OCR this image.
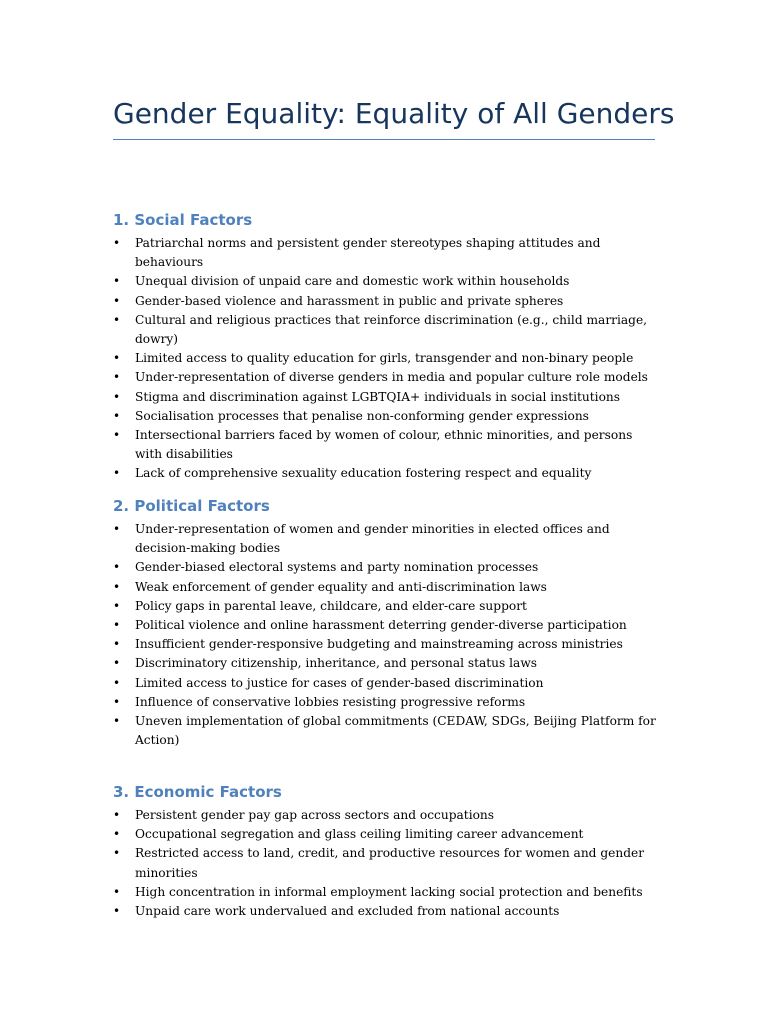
Gender Equality: Equality of All Genders
1. Social Factors
•	Patriarchal norms and persistent gender stereotypes shaping attitudes and behaviours
•	Unequal division of unpaid care and domestic work within households
•	Gender-based violence and harassment in public and private spheres
•	Cultural and religious practices that reinforce discrimination (e.g., child marriage, dowry)
•	Limited access to quality education for girls, transgender and non-binary people
•	Under-representation of diverse genders in media and popular culture role models
•	Stigma and discrimination against LGBTQIA+ individuals in social institutions
•	Socialisation processes that penalise non-conforming gender expressions
•	Intersectional barriers faced by women of colour, ethnic minorities, and persons with disabilities
•	Lack of comprehensive sexuality education fostering respect and equality
2. Political Factors
•	Under-representation of women and gender minorities in elected offices and decision-making bodies
•	Gender-biased electoral systems and party nomination processes
•	Weak enforcement of gender equality and anti-discrimination laws
•	Policy gaps in parental leave, childcare, and elder-care support
•	Political violence and online harassment deterring gender-diverse participation
•	Insufficient gender-responsive budgeting and mainstreaming across ministries
•	Discriminatory citizenship, inheritance, and personal status laws
•	Limited access to justice for cases of gender-based discrimination
•	Influence of conservative lobbies resisting progressive reforms
•	Uneven implementation of global commitments (CEDAW, SDGs, Beijing Platform for Action)
3. Economic Factors
•	Persistent gender pay gap across sectors and occupations
•	Occupational segregation and glass ceiling limiting career advancement
•	Restricted access to land, credit, and productive resources for women and gender minorities
•	High concentration in informal employment lacking social protection and benefits
•	Unpaid care work undervalued and excluded from national accounts
